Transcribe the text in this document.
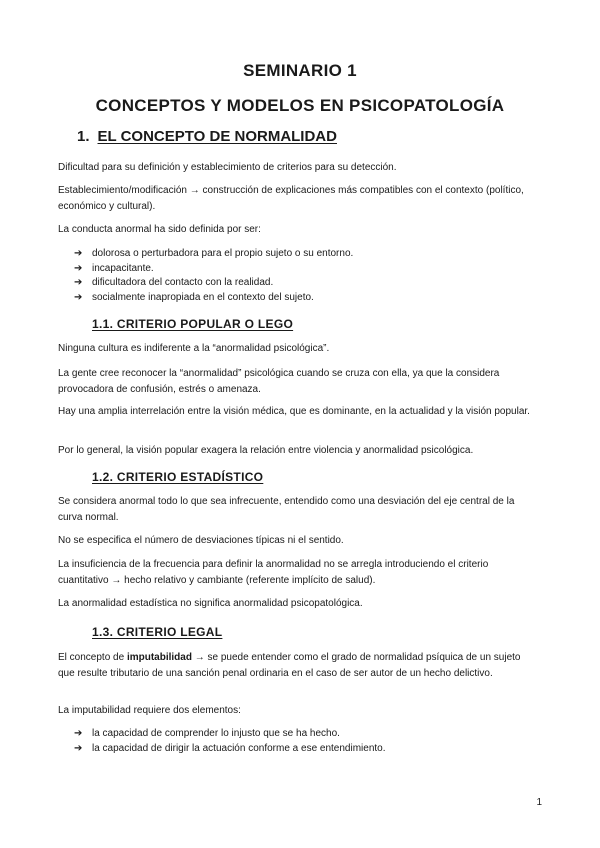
SEMINARIO 1
CONCEPTOS Y MODELOS EN PSICOPATOLOGÍA
1. EL CONCEPTO DE NORMALIDAD
Dificultad para su definición y establecimiento de criterios para su detección.
Establecimiento/modificación → construcción de explicaciones más compatibles con el contexto (político, económico y cultural).
La conducta anormal ha sido definida por ser:
➔ dolorosa o perturbadora para el propio sujeto o su entorno.
➔ incapacitante.
➔ dificultadora del contacto con la realidad.
➔ socialmente inapropiada en el contexto del sujeto.
1.1. CRITERIO POPULAR O LEGO
Ninguna cultura es indiferente a la “anormalidad psicológica”.
La gente cree reconocer la “anormalidad” psicológica cuando se cruza con ella, ya que la considera provocadora de confusión, estrés o amenaza.
Hay una amplia interrelación entre la visión médica, que es dominante, en la actualidad y la visión popular.
Por lo general, la visión popular exagera la relación entre violencia y anormalidad psicológica.
1.2. CRITERIO ESTADÍSTICO
Se considera anormal todo lo que sea infrecuente, entendido como una desviación del eje central de la curva normal.
No se especifica el número de desviaciones típicas ni el sentido.
La insuficiencia de la frecuencia para definir la anormalidad no se arregla introduciendo el criterio cuantitativo → hecho relativo y cambiante (referente implícito de salud).
La anormalidad estadística no significa anormalidad psicopatológica.
1.3. CRITERIO LEGAL
El concepto de imputabilidad → se puede entender como el grado de normalidad psíquica de un sujeto que resulte tributario de una sanción penal ordinaria en el caso de ser autor de un hecho delictivo.
La imputabilidad requiere dos elementos:
➔ la capacidad de comprender lo injusto que se ha hecho.
➔ la capacidad de dirigir la actuación conforme a ese entendimiento.
1
